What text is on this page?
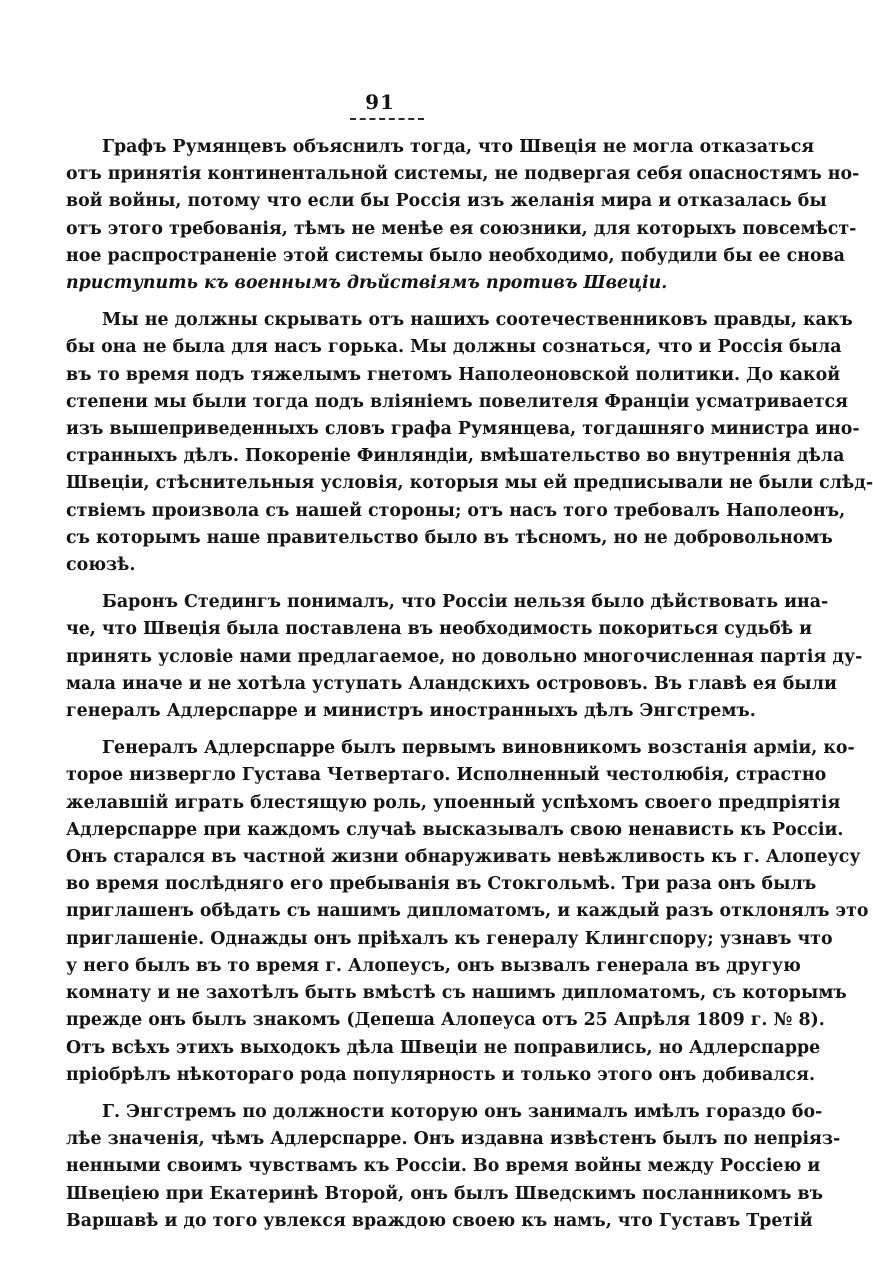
91

Графъ Румянцевъ объяснилъ тогда, что Швеція не могла отказаться
отъ принятія континентальной системы, не подвергая себя опасностямъ но-
вой войны, потому что если бы Россія изъ желанія мира и отказалась бы
отъ этого требованія, тѣмъ не менѣе ея союзники, для которыхъ повсемѣст-
ное распространеніе этой системы было необходимо, побудили бы ее снова
приступить къ военнымъ дѣйствіямъ противъ Швеціи.

Мы не должны скрывать отъ нашихъ соотечественниковъ правды, какъ
бы она не была для насъ горька. Мы должны сознаться, что и Россія была
въ то время подъ тяжелымъ гнетомъ Наполеоновской политики. До какой
степени мы были тогда подъ вліяніемъ повелителя Франціи усматривается
изъ вышеприведенныхъ словъ графа Румянцева, тогдашняго министра ино-
странныхъ дѣлъ. Покореніе Финляндіи, вмѣшательство во внутреннія дѣла
Швеціи, стѣснительныя условія, которыя мы ей предписывали не были слѣд-
ствіемъ произвола съ нашей стороны; отъ насъ того требовалъ Наполеонъ,
съ которымъ наше правительство было въ тѣсномъ, но не добровольномъ
союзѣ.

Баронъ Стедингъ понималъ, что Россіи нельзя было дѣйствовать ина-
че, что Швеція была поставлена въ необходимость покориться судьбѣ и
принять условіе нами предлагаемое, но довольно многочисленная партія ду-
мала иначе и не хотѣла уступать Аландскихъ острововъ. Въ главѣ ея были
генералъ Адлерспарре и министръ иностранныхъ дѣлъ Энгстремъ.

Генералъ Адлерспарре былъ первымъ виновникомъ возстанія арміи, ко-
торое низвергло Густава Четвертаго. Исполненный честолюбія, страстно
желавшій играть блестящую роль, упоенный успѣхомъ своего предпріятія
Адлерспарре при каждомъ случаѣ высказывалъ свою ненависть къ Россіи.
Онъ старался въ частной жизни обнаруживать невѣжливость къ г. Алопеусу
во время послѣдняго его пребыванія въ Стокгольмѣ. Три раза онъ былъ
приглашенъ обѣдать съ нашимъ дипломатомъ, и каждый разъ отклонялъ это
приглашеніе. Однажды онъ пріѣхалъ къ генералу Клингспору; узнавъ что
у него былъ въ то время г. Алопеусъ, онъ вызвалъ генерала въ другую
комнату и не захотѣлъ быть вмѣстѣ съ нашимъ дипломатомъ, съ которымъ
прежде онъ былъ знакомъ (Депеша Алопеуса отъ 25 Апрѣля 1809 г. № 8).
Отъ всѣхъ этихъ выходокъ дѣла Швеціи не поправились, но Адлерспарре
пріобрѣлъ нѣкотораго рода популярность и только этого онъ добивался.

Г. Энгстремъ по должности которую онъ занималъ имѣлъ гораздо бо-
лѣе значенія, чѣмъ Адлерспарре. Онъ издавна извѣстенъ былъ по непріяз-
ненными своимъ чувствамъ къ Россіи. Во время войны между Россіею и
Швеціею при Екатеринѣ Второй, онъ былъ Шведскимъ посланникомъ въ
Варшавѣ и до того увлекся враждою своею къ намъ, что Густавъ Третій
